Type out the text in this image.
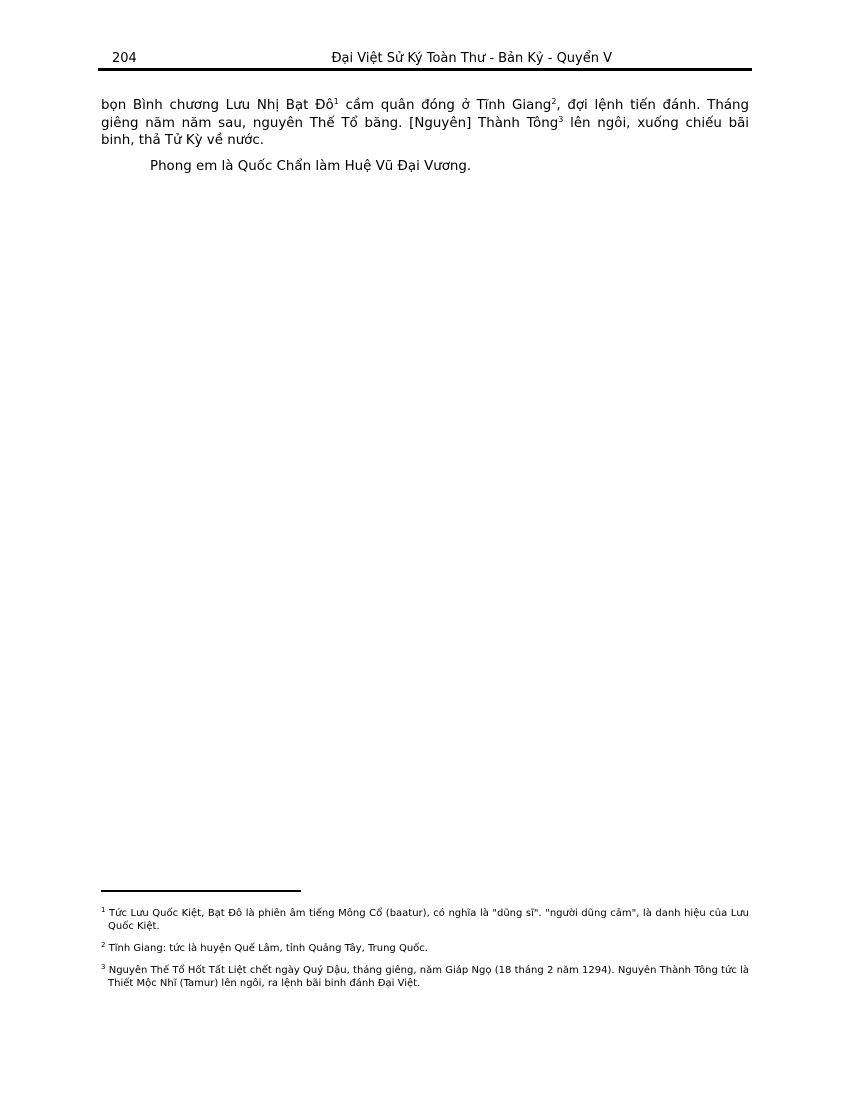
204	Đại Việt Sử Ký Toàn Thư - Bản Kỷ - Quyển V

bọn Bình chương Lưu Nhị Bạt $Đô^1$ cầm quân đóng ở Tĩnh Giang$^2$, đợi lệnh tiến đánh. Tháng giêng năm năm sau, nguyên Thế Tổ băng. [Nguyên] Thành Tông$^3$ lên ngôi, xuống chiếu bãi binh, thả Tử Kỳ về nước.

Phong em là Quốc Chẩn làm Huệ Vũ Đại Vương.

$^1$ Tức Lưu Quốc Kiệt, Bạt Đô là phiên âm tiếng Mông Cổ (baatur), có nghĩa là "dũng sĩ". "người dũng cảm", là danh hiệu của Lưu Quốc Kiệt.

$^2$ Tĩnh Giang: tức là huyện Quế Lâm, tỉnh Quảng Tây, Trung Quốc.

$^3$ Nguyên Thế Tổ Hốt Tất Liệt chết ngày Quý Dậu, tháng giêng, năm Giáp Ngọ (18 tháng 2 năm 1294). Nguyên Thành Tông tức là Thiết Mộc Nhĩ (Tamur) lên ngôi, ra lệnh bãi binh đánh Đại Việt.
